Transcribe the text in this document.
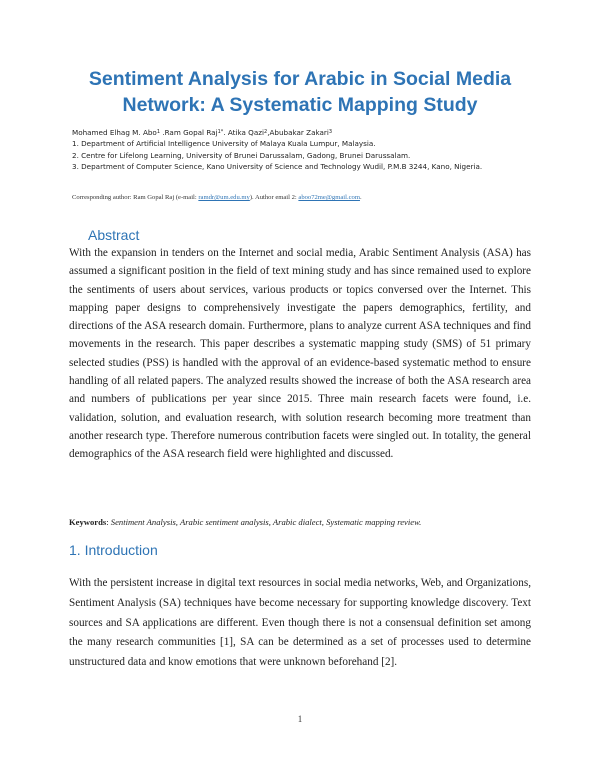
Sentiment Analysis for Arabic in Social Media Network: A Systematic Mapping Study
Mohamed Elhag M. Abo$^1$ .Ram Gopal Raj$^{1*}$. Atika Qazi$^2$,Abubakar Zakari$^3$
1. Department of Artificial Intelligence University of Malaya Kuala Lumpur, Malaysia.
2. Centre for Lifelong Learning, University of Brunei Darussalam, Gadong, Brunei Darussalam.
3. Department of Computer Science, Kano University of Science and Technology Wudil, P.M.B 3244, Kano, Nigeria.
Corresponding author: Ram Gopal Raj (e-mail: ramdr@um.edu.my). Author email 2: aboo72me@gmail.com.
Abstract

With the expansion in tenders on the Internet and social media, Arabic Sentiment Analysis (ASA) has assumed a significant position in the field of text mining study and has since remained used to explore the sentiments of users about services, various products or topics conversed over the Internet. This mapping paper designs to comprehensively investigate the papers demographics, fertility, and directions of the ASA research domain. Furthermore, plans to analyze current ASA techniques and find movements in the research. This paper describes a systematic mapping study (SMS) of 51 primary selected studies (PSS) is handled with the approval of an evidence-based systematic method to ensure handling of all related papers. The analyzed results showed the increase of both the ASA research area and numbers of publications per year since 2015. Three main research facets were found, i.e. validation, solution, and evaluation research, with solution research becoming more treatment than another research type. Therefore numerous contribution facets were singled out. In totality, the general demographics of the ASA research field were highlighted and discussed.

Keywords: Sentiment Analysis, Arabic sentiment analysis, Arabic dialect, Systematic mapping review.
1. Introduction

With the persistent increase in digital text resources in social media networks, Web, and Organizations, Sentiment Analysis (SA) techniques have become necessary for supporting knowledge discovery. Text sources and SA applications are different. Even though there is not a consensual definition set among the many research communities [1], SA can be determined as a set of processes used to determine unstructured data and know emotions that were unknown beforehand [2].

1
